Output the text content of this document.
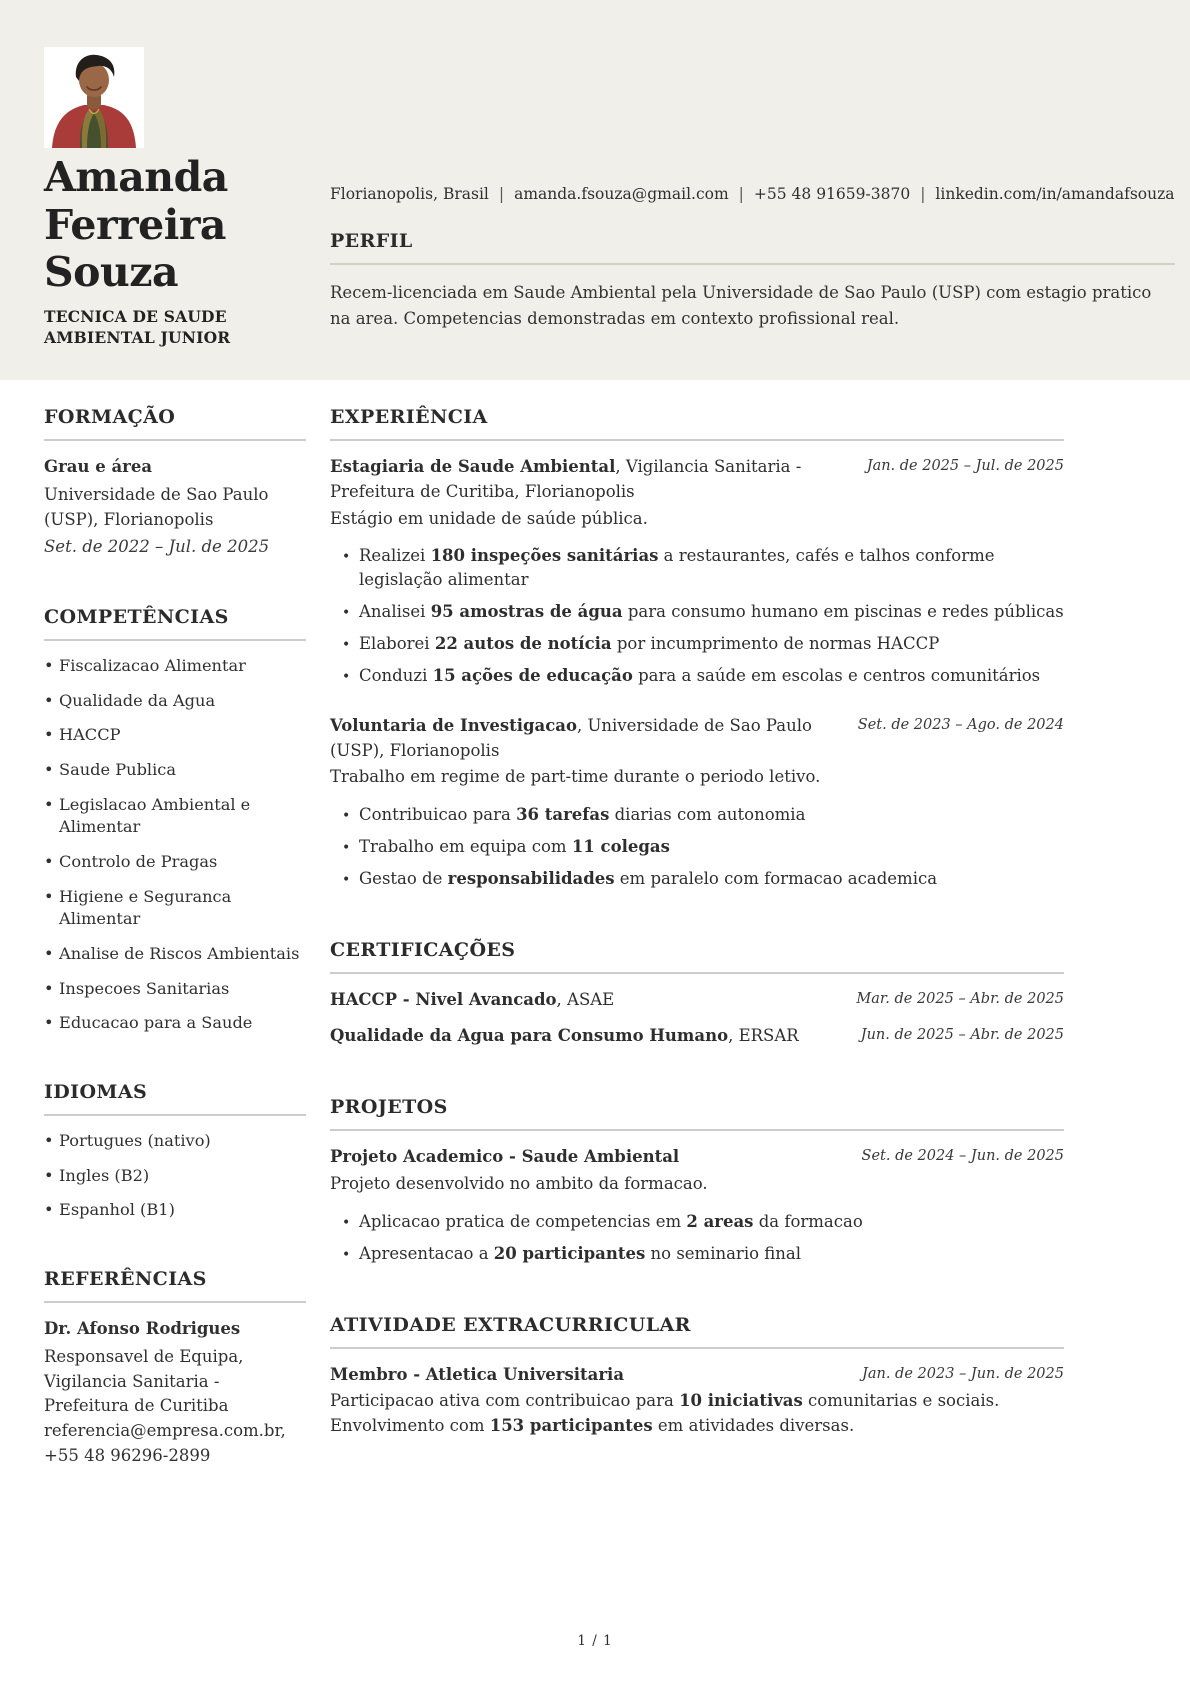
Amanda Ferreira Souza
TECNICA DE SAUDE AMBIENTAL JUNIOR
Florianopolis, Brasil | amanda.fsouza@gmail.com | +55 48 91659-3870 | linkedin.com/in/amandafsouza
PERFIL

Recem-licenciada em Saude Ambiental pela Universidade de Sao Paulo (USP) com estagio pratico na area. Competencias demonstradas em contexto profissional real.

FORMAÇÃO
Grau e área
Universidade de Sao Paulo (USP), Florianopolis
Set. de 2022 – Jul. de 2025
COMPETÊNCIAS
• Fiscalizacao Alimentar
• Qualidade da Agua
• HACCP
• Saude Publica
• Legislacao Ambiental e Alimentar
• Controlo de Pragas
• Higiene e Seguranca Alimentar
• Analise de Riscos Ambientais
• Inspecoes Sanitarias
• Educacao para a Saude
IDIOMAS
• Portugues (nativo)
• Ingles (B2)
• Espanhol (B1)
REFERÊNCIAS
Dr. Afonso Rodrigues
Responsavel de Equipa, Vigilancia Sanitaria - Prefeitura de Curitiba
referencia@empresa.com.br, +55 48 96296-2899
EXPERIÊNCIA
Estagiaria de Saude Ambiental, Vigilancia Sanitaria - Prefeitura de Curitiba, Florianopolis
Jan. de 2025 – Jul. de 2025
Estágio em unidade de saúde pública.
• Realizei 180 inspeções sanitárias a restaurantes, cafés e talhos conforme legislação alimentar
• Analisei 95 amostras de água para consumo humano em piscinas e redes públicas
• Elaborei 22 autos de notícia por incumprimento de normas HACCP
• Conduzi 15 ações de educação para a saúde em escolas e centros comunitários
Voluntaria de Investigacao, Universidade de Sao Paulo (USP), Florianopolis
Set. de 2023 – Ago. de 2024
Trabalho em regime de part-time durante o periodo letivo.
• Contribuicao para 36 tarefas diarias com autonomia
• Trabalho em equipa com 11 colegas
• Gestao de responsabilidades em paralelo com formacao academica
CERTIFICAÇÕES
HACCP - Nivel Avancado, ASAE	Mar. de 2025 – Abr. de 2025
Qualidade da Agua para Consumo Humano, ERSAR	Jun. de 2025 – Abr. de 2025
PROJETOS
Projeto Academico - Saude Ambiental	Set. de 2024 – Jun. de 2025
Projeto desenvolvido no ambito da formacao.
• Aplicacao pratica de competencias em 2 areas da formacao
• Apresentacao a 20 participantes no seminario final
ATIVIDADE EXTRACURRICULAR
Membro - Atletica Universitaria	Jan. de 2023 – Jun. de 2025
Participacao ativa com contribuicao para 10 iniciativas comunitarias e sociais. Envolvimento com 153 participantes em atividades diversas.
1 / 1
